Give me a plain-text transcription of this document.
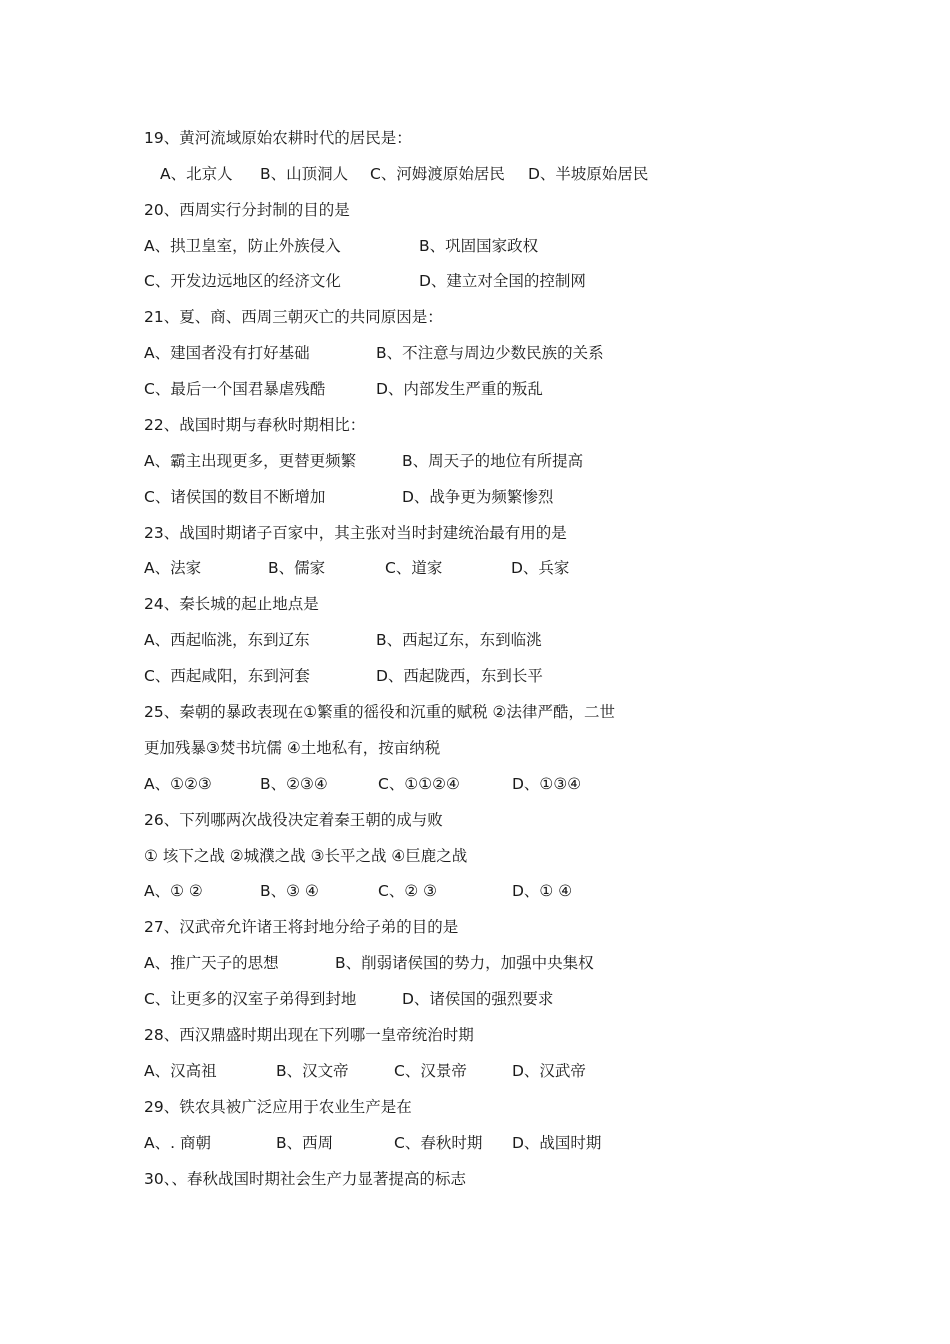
19、黄河流域原始农耕时代的居民是：
A、北京人 B、山顶洞人 C、河姆渡原始居民 D、半坡原始居民
20、西周实行分封制的目的是
A、拱卫皇室，防止外族侵入	B、巩固国家政权
C、开发边远地区的经济文化	D、建立对全国的控制网
21、夏、商、西周三朝灭亡的共同原因是：
A、建国者没有打好基础	B、不注意与周边少数民族的关系
C、最后一个国君暴虐残酷	D、内部发生严重的叛乱
22、战国时期与春秋时期相比：
A、霸主出现更多，更替更频繁	B、周天子的地位有所提高
C、诸侯国的数目不断增加	D、战争更为频繁惨烈
23、战国时期诸子百家中，其主张对当时封建统治最有用的是
A、法家	B、儒家	C、道家	D、兵家
24、秦长城的起止地点是
A、西起临洮，东到辽东	B、西起辽东，东到临洮
C、西起咸阳，东到河套	D、西起陇西，东到长平
25、秦朝的暴政表现在①繁重的徭役和沉重的赋税 ②法律严酷，二世
更加残暴③焚书坑儒 ④土地私有，按亩纳税
A、①②③	B、②③④	C、①①②④	D、①③④
26、下列哪两次战役决定着秦王朝的成与败
① 垓下之战 ②城濮之战 ③长平之战 ④巨鹿之战
A、① ②	B、③ ④	C、② ③	D、① ④
27、汉武帝允许诸王将封地分给子弟的目的是
A、推广天子的思想	B、削弱诸侯国的势力，加强中央集权
C、让更多的汉室子弟得到封地	D、诸侯国的强烈要求
28、西汉鼎盛时期出现在下列哪一皇帝统治时期
A、汉高祖	B、汉文帝	C、汉景帝	D、汉武帝
29、铁农具被广泛应用于农业生产是在
A、. 商朝	B、西周	C、春秋时期 D、战国时期
30、、春秋战国时期社会生产力显著提高的标志
